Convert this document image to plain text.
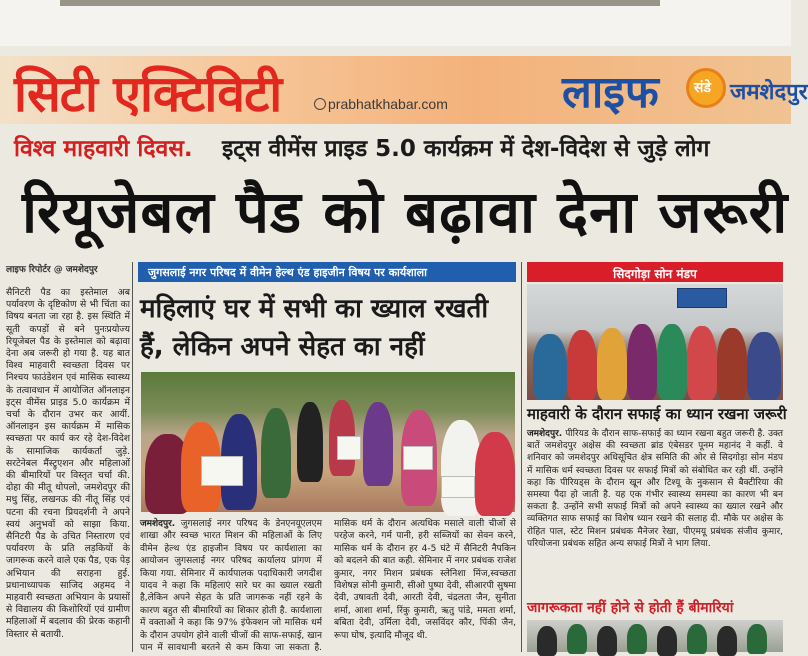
सिटी एक्टिविटी	prabhatkhabar.com	लाइफ	संडे जमशेदपुर
विश्व माहवारी दिवस. इट्स वीमेंस प्राइड 5.0 कार्यक्रम में देश-विदेश से जुड़े लोग
रियूजेबल पैड को बढ़ावा देना जरूरी
लाइफ रिपोर्टर @ जमशेदपुर
सैनिटरी पैड का इस्तेमाल अब पर्यावरण के दृष्टिकोण से भी चिंता का विषय बनता जा रहा है. इस स्थिति में सूती कपड़ों से बने पुनःप्रयोज्य रियूजेबल पैड के इस्तेमाल को बढ़ावा देना अब जरूरी हो गया है. यह बात विश्व माहवारी स्वच्छता दिवस पर निश्चय फाउंडेशन एवं मासिक स्वास्थ्य के तत्वावधान में आयोजित ऑनलाइन इट्स वीमेंस प्राइड 5.0 कार्यक्रम में चर्चा के दौरान उभर कर आयीं. ऑनलाइन इस कार्यक्रम में मासिक स्वच्छता पर कार्य कर रहे देश-विदेश के सामाजिक कार्यकर्ता जुड़े. सरटेनेबल मैंस्ट्रुएशन और महिलाओं की बीमारियों पर विस्तृत चर्चा की. दोहा की मीतू धोपलो, जमशेदपुर की मधु सिंह, लखनऊ की नीतू सिंह एवं पटना की रचना प्रियदर्शनी ने अपने स्वयं अनुभवों को साझा किया. सैनिटरी पैड के उचित निस्तारण एवं पर्यावरण के प्रति लड़कियों के जागरूक करने वाले एक पैड, एक पेड़ अभियान की सराहना हुई. प्रधानाध्यापक साजिद अहमद ने माहवारी स्वच्छता अभियान के प्रयासों से विद्यालय की किशोरियों एवं ग्रामीण महिलाओं में बदलाव की प्रेरक कहानी विस्तार से बतायी.
जुगसलाई नगर परिषद में वीमेन हेल्थ एंड हाइजीन विषय पर कार्यशाला
महिलाएं घर में सभी का ख्याल रखती हैं, लेकिन अपने सेहत का नहीं
जमशेदपुर. जुगसलाई नगर परिषद के डेनएनयूएलएम शाखा और स्वच्छ भारत मिशन की महिलाओं के लिए वीमेन हेल्थ एंड हाइजीन विषय पर कार्यशाला का आयोजन जुगसलाई नगर परिषद कार्यालय प्रांगण में किया गया. सेमिनार में कार्यपालक पदाधिकारी जगदीश यादव ने कहा कि महिलाएं सारे घर का ख्याल रखती है,लेकिन अपने सेहत के प्रति जागरूक नहीं रहने के कारण बहुत सी बीमारियों का शिकार होती है. कार्यशाला में वक्ताओं ने कहा कि 97% इंफेक्शन जो मासिक धर्म के दौरान उपयोग होने वाली चीजों की साफ-सफाई, खान पान में सावधानी बरतने से कम किया जा सकता है. मासिक धर्म के दौरान अत्यधिक मसाले वाली चीजों से परहेज करने, गर्म पानी, हरी सब्जियों का सेवन करने, मासिक धर्म के दौरान हर 4-5 घंटे में सैनिटरी नैपकिन को बदलने की बात कही. सेमिनार में नगर प्रबंधक राजेश कुमार, नगर मिशन प्रबंधक स्लेनिशा मिंज,स्वच्छता विशेषज्ञ सोनी कुमारी, सीओ पुष्पा देवी, सीआरपी सुषमा देवी, उषावती देवी, आरती देवी, चंद्रलता जैन, सुनीता शर्मा, आशा शर्मा, रिंकु कुमारी, ऋतु पांडे, ममता शर्मा, बबिता देवी, उर्मिला देवी, जसविंदर कौर, पिंकी जैन, रूपा घोष, इत्यादि मौजूद थी.
सिदगोड़ा सोन मंडप
माहवारी के दौरान सफाई का ध्यान रखना जरूरी
जमशेदपुर. पीरियड के दौरान साफ-सफाई का ध्यान रखना बहुत जरूरी है. उक्त बातें जमशेदपुर अक्षेस की स्वच्छता ब्रांड एंबेसडर पूनम महानंद ने कहीं. वे शनिवार को जमशेदपुर अधिसूचित क्षेत्र समिति की ओर से सिदगोड़ा सोन मंडप में मासिक धर्म स्वच्छता दिवस पर सफाई मित्रों को संबोधित कर रही थीं. उन्होंने कहा कि पीरियड्स के दौरान खून और टिश्यू के नुकसान से बैक्टीरिया की समस्या पैदा हो जाती है. यह एक गंभीर स्वास्थ्य समस्या का कारण भी बन सकता है. उन्होंने सभी सफाई मित्रों को अपने स्वास्थ्य का ख्याल रखने और व्यक्तिगत साफ सफाई का विशेष ध्यान रखने की सलाह दी. मौके पर अक्षेस के रोहित पाल, स्टेट मिशन प्रबंधक मैनेजर रेखा, पीएमयू प्रबंधक संजीव कुमार, परियोजना प्रबंधक सहित अन्य सफाई मित्रों ने भाग लिया.
जागरूकता नहीं होने से होती हैं बीमारियां
